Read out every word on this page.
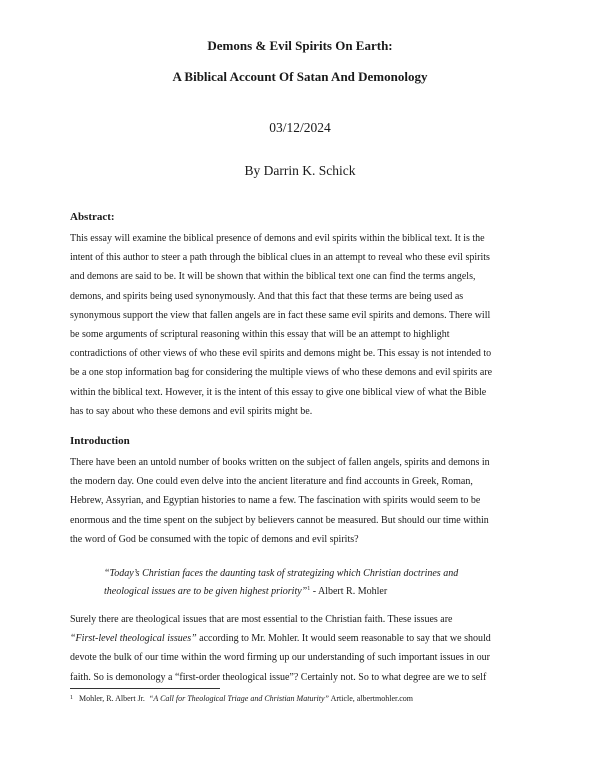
Demons & Evil Spirits On Earth:
A Biblical Account Of Satan And Demonology
03/12/2024
By Darrin K. Schick
Abstract:
This essay will examine the biblical presence of demons and evil spirits within the biblical text. It is the
intent of this author to steer a path through the biblical clues in an attempt to reveal who these evil spirits
and demons are said to be. It will be shown that within the biblical text one can find the terms angels,
demons, and spirits being used synonymously. And that this fact that these terms are being used as
synonymous support the view that fallen angels are in fact these same evil spirits and demons. There will
be some arguments of scriptural reasoning within this essay that will be an attempt to highlight
contradictions of other views of who these evil spirits and demons might be. This essay is not intended to
be a one stop information bag for considering the multiple views of who these demons and evil spirits are
within the biblical text. However, it is the intent of this essay to give one biblical view of what the Bible
has to say about who these demons and evil spirits might be.
Introduction
There have been an untold number of books written on the subject of fallen angels, spirits and demons in
the modern day. One could even delve into the ancient literature and find accounts in Greek, Roman,
Hebrew, Assyrian, and Egyptian histories to name a few. The fascination with spirits would seem to be
enormous and the time spent on the subject by believers cannot be measured. But should our time within
the word of God be consumed with the topic of demons and evil spirits?
“Today’s Christian faces the daunting task of strategizing which Christian doctrines and
theological issues are to be given highest priority”$^1$ - Albert R. Mohler
Surely there are theological issues that are most essential to the Christian faith. These issues are
“First-level theological issues” according to Mr. Mohler. It would seem reasonable to say that we should
devote the bulk of our time within the word firming up our understanding of such important issues in our
faith. So is demonology a “first-order theological issue”? Certainly not. So to what degree are we to self
$^1$ Mohler, R. Albert Jr. “A Call for Theological Triage and Christian Maturity” Article, albertmohler.com
